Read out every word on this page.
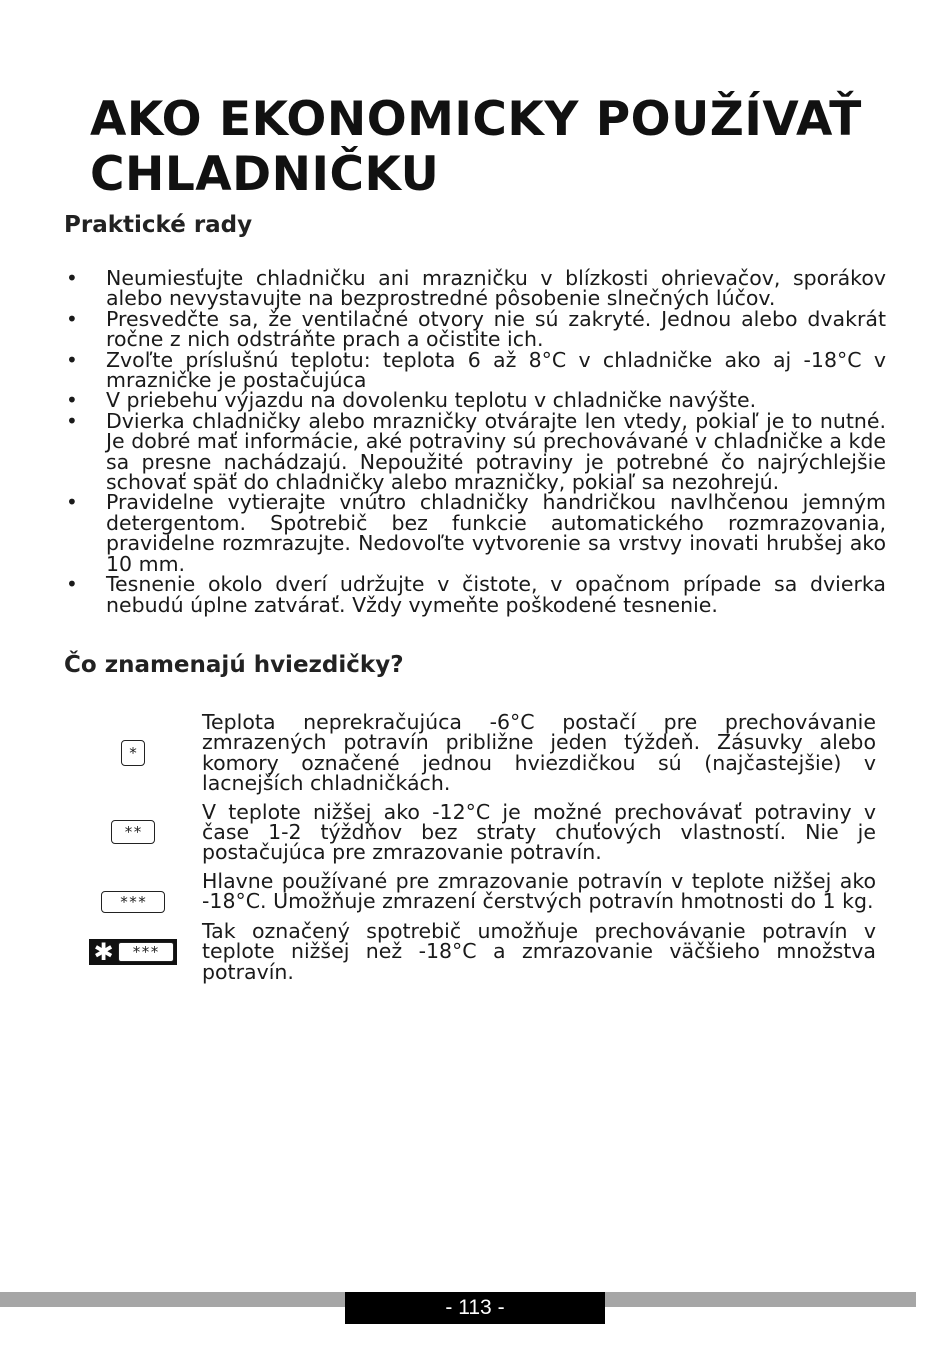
AKO EKONOMICKY POUŽÍVAŤ
CHLADNIČKU
Praktické rady
• Neumiesťujte chladničku ani mrazničku v blízkosti ohrievačov, sporákov alebo nevystavujte na bezprostredné pôsobenie slnečných lúčov.
• Presvedčte sa, že ventilačné otvory nie sú zakryté. Jednou alebo dvakrát ročne z nich odstráňte prach a očistite ich.
• Zvoľte príslušnú teplotu: teplota 6 až 8°C v chladničke ako aj -18°C v mrazničke je postačujúca
• V priebehu výjazdu na dovolenku teplotu v chladničke navýšte.
• Dvierka chladničky alebo mrazničky otvárajte len vtedy, pokiaľ je to nutné. Je dobré mať informácie, aké potraviny sú prechovávané v chladničke a kde sa presne nachádzajú. Nepoužité potraviny je potrebné čo najrýchlejšie schovať späť do chladničky alebo mrazničky, pokiaľ sa nezohrejú.
• Pravidelne vytierajte vnútro chladničky handričkou navlhčenou jemným detergentom. Spotrebič bez funkcie automatického rozmrazovania, pravidelne rozmrazujte. Nedovoľte vytvorenie sa vrstvy inovati hrubšej ako 10 mm.
• Tesnenie okolo dverí udržujte v čistote, v opačnom prípade sa dvierka nebudú úplne zatvárať. Vždy vymeňte poškodené tesnenie.
Čo znamenajú hviezdičky?
*
Teplota neprekračujúca -6°C postačí pre prechovávanie zmrazených potravín približne jeden týždeň. Zásuvky alebo komory označené jednou hviezdičkou sú (najčastejšie) v lacnejších chladničkách.
**
V teplote nižšej ako -12°C je možné prechovávať potraviny v čase 1-2 týždňov bez straty chuťových vlastností. Nie je postačujúca pre zmrazovanie potravín.
***
Hlavne používané pre zmrazovanie potravín v teplote nižšej ako -18°C. Umožňuje zmrazení čerstvých potravín hmotnosti do 1 kg.
✱	***
Tak označený spotrebič umožňuje prechovávanie potravín v teplote nižšej než -18°C a zmrazovanie väčšieho množstva potravín.
- 113 -
